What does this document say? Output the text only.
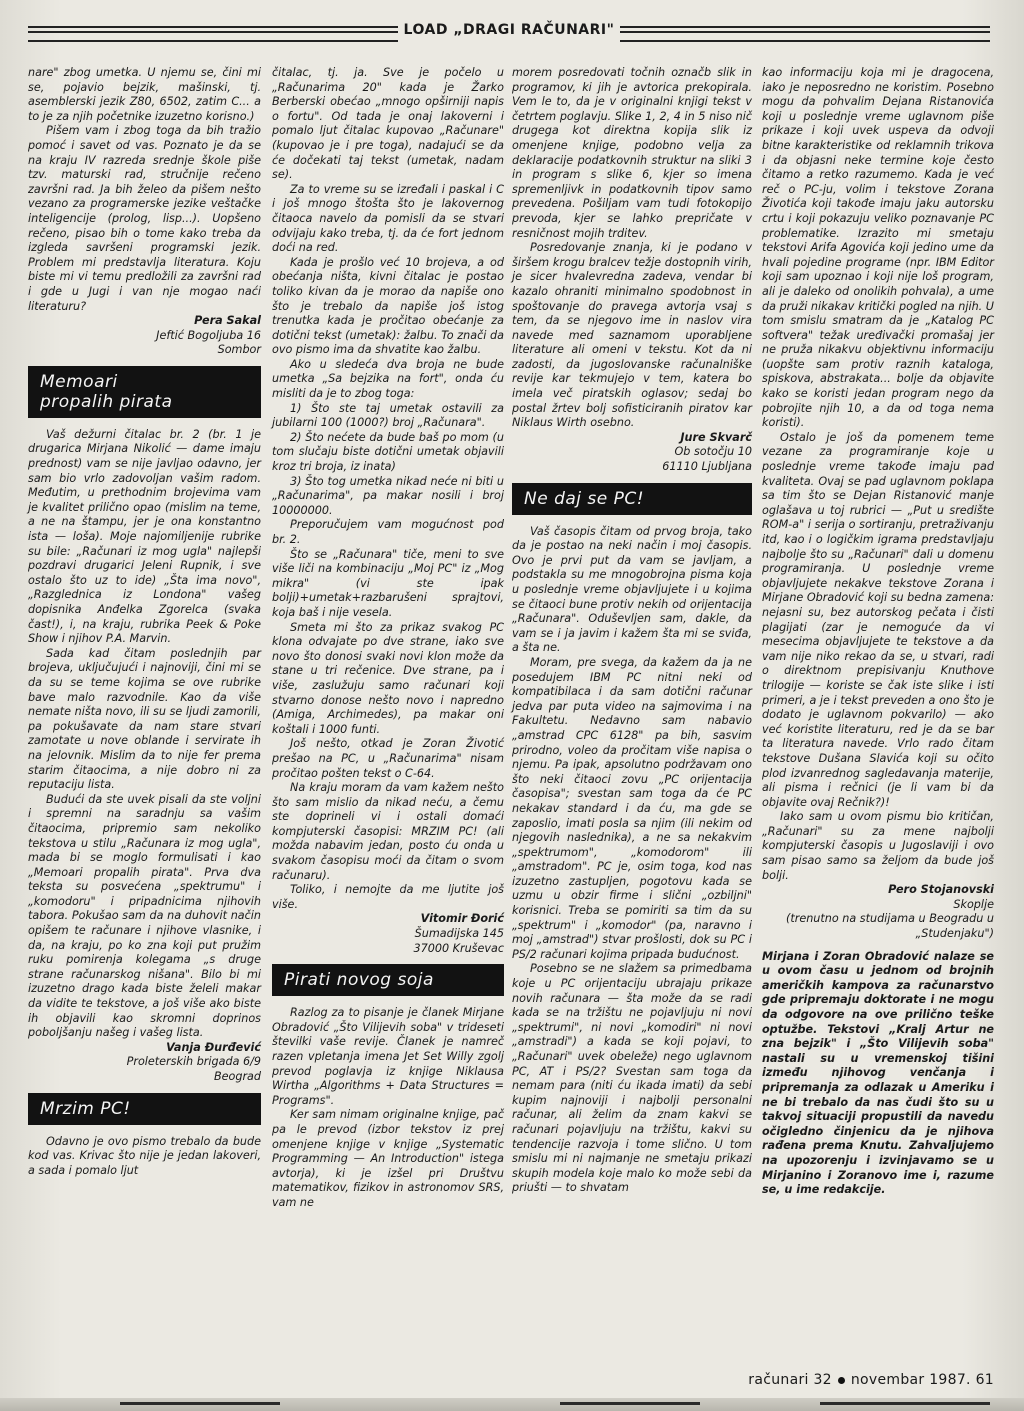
LOAD „DRAGI RAČUNARI"

nare" zbog umetka. U njemu se, čini mi se, pojavio bejzik, mašinski, tj. asemblerski jezik Z80, 6502, zatim C... a to je za njih početnike izuzetno korisno.)

Pišem vam i zbog toga da bih tražio pomoć i savet od vas. Poznato je da se na kraju IV razreda srednje škole piše tzv. maturski rad, stručnije rečeno završni rad. Ja bih želeo da pišem nešto vezano za programerske jezike veštačke inteligencije (prolog, lisp...). Uopšeno rečeno, pisao bih o tome kako treba da izgleda savršeni programski jezik. Problem mi predstavlja literatura. Koju biste mi vi temu predložili za završni rad i gde u Jugi i van nje mogao naći literaturu?

Pera Sakal

Jeftić Bogoljuba 16

Sombor

Memoari
propalih pirata

Vaš dežurni čitalac br. 2 (br. 1 je drugarica Mirjana Nikolić — dame imaju prednost) vam se nije javljao odavno, jer sam bio vrlo zadovoljan vašim radom. Međutim, u prethodnim brojevima vam je kvalitet prilično opao (mislim na teme, a ne na štampu, jer je ona konstantno ista — loša). Moje najomiljenije rubrike su bile: „Računari iz mog ugla" najlepši pozdravi drugarici Jeleni Rupnik, i sve ostalo što uz to ide) „Šta ima novo", „Razglednica iz Londona" vašeg dopisnika Anđelka Zgorelca (svaka čast!), i, na kraju, rubrika Peek & Poke Show i njihov P.A. Marvin.

Sada kad čitam poslednjih par brojeva, uključujući i najnoviji, čini mi se da su se teme kojima se ove rubrike bave malo razvodnile. Kao da više nemate ništa novo, ili su se ljudi zamorili, pa pokušavate da nam stare stvari zamotate u nove oblande i servirate ih na jelovnik. Mislim da to nije fer prema starim čitaocima, a nije dobro ni za reputaciju lista.

Budući da ste uvek pisali da ste voljni i spremni na saradnju sa vašim čitaocima, pripremio sam nekoliko tekstova u stilu „Računara iz mog ugla", mada bi se moglo formulisati i kao „Memoari propalih pirata". Prva dva teksta su posvećena „spektrumu" i „komodoru" i pripadnicima njihovih tabora. Pokušao sam da na duhovit način opišem te računare i njihove vlasnike, i da, na kraju, po ko zna koji put pružim ruku pomirenja kolegama „s druge strane računarskog nišana". Bilo bi mi izuzetno drago kada biste želeli makar da vidite te tekstove, a još više ako biste ih objavili kao skromni doprinos poboljšanju našeg i vašeg lista.

Vanja Đurđević

Proleterskih brigada 6/9

Beograd

Mrzim PC!

Odavno je ovo pismo trebalo da bude kod vas. Krivac što nije je jedan lakoveri, a sada i pomalo ljut

čitalac, tj. ja. Sve je počelo u „Računarima 20" kada je Žarko Berberski obećao „mnogo opširniji napis o fortu". Od tada je onaj lakoverni i pomalo ljut čitalac kupovao „Računare" (kupovao je i pre toga), nadajući se da će dočekati taj tekst (umetak, nadam se).

Za to vreme su se izređali i paskal i C i još mnogo štošta što je lakovernog čitaoca navelo da pomisli da se stvari odvijaju kako treba, tj. da će fort jednom doći na red.

Kada je prošlo već 10 brojeva, a od obećanja ništa, kivni čitalac je postao toliko kivan da je morao da napiše ono što je trebalo da napiše još istog trenutka kada je pročitao obećanje za dotični tekst (umetak): žalbu. To znači da ovo pismo ima da shvatite kao žalbu.

Ako u sledeća dva broja ne bude umetka „Sa bejzika na fort", onda ću misliti da je to zbog toga:

1) Što ste taj umetak ostavili za jubilarni 100 (1000?) broj „Računara".

2) Što nećete da bude baš po mom (u tom slučaju biste dotični umetak objavili kroz tri broja, iz inata)

3) Što tog umetka nikad neće ni biti u „Računarima", pa makar nosili i broj 10000000.

Preporučujem vam mogućnost pod br. 2.

Što se „Računara" tiče, meni to sve više liči na kombinaciju „Moj PC" iz „Mog mikra" (vi ste ipak bolji)+umetak+razbarušeni sprajtovi, koja baš i nije vesela.

Smeta mi što za prikaz svakog PC klona odvajate po dve strane, iako sve novo što donosi svaki novi klon može da stane u tri rečenice. Dve strane, pa i više, zaslužuju samo računari koji stvarno donose nešto novo i napredno (Amiga, Archimedes), pa makar oni koštali i 1000 funti.

Još nešto, otkad je Zoran Životić prešao na PC, u „Računarima" nisam pročitao pošten tekst o C-64.

Na kraju moram da vam kažem nešto što sam mislio da nikad neću, a čemu ste doprineli vi i ostali domaći kompjuterski časopisi: MRZIM PC! (ali možda nabavim jedan, posto ću onda u svakom časopisu moći da čitam o svom računaru).

Toliko, i nemojte da me ljutite još više.

Vitomir Đorić

Šumadijska 145

37000 Kruševac

Pirati novog soja

Razlog za to pisanje je članek Mirjane Obradović „Što Vilijevih soba" v trideseti številki vaše revije. Članek je namreč razen vpletanja imena Jet Set Willy zgolj prevod poglavja iz knjige Niklausa Wirtha „Algorithms + Data Structures = Programs".

Ker sam nimam originalne knjige, pač pa le prevod (izbor tekstov iz prej omenjene knjige v knjige „Systematic Programming — An Introduction" istega avtorja), ki je izšel pri Društvu matematikov, fizikov in astronomov SRS, vam ne

morem posredovati točnih označb slik in programov, ki jih je avtorica prekopirala. Vem le to, da je v originalni knjigi tekst v četrtem poglavju. Slike 1, 2, 4 in 5 niso nič drugega kot direktna kopija slik iz omenjene knjige, podobno velja za deklaracije podatkovnih struktur na sliki 3 in program s slike 6, kjer so imena spremenljivk in podatkovnih tipov samo prevedena. Pošiljam vam tudi fotokopijo prevoda, kjer se lahko prepričate v resničnost mojih trditev.

Posredovanje znanja, ki je podano v širšem krogu bralcev težje dostopnih virih, je sicer hvalevredna zadeva, vendar bi kazalo ohraniti minimalno spodobnost in spoštovanje do pravega avtorja vsaj s tem, da se njegovo ime in naslov vira navede med saznamom uporabljene literature ali omeni v tekstu. Kot da ni zadosti, da jugoslovanske računalniške revije kar tekmujejo v tem, katera bo imela več piratskih oglasov; sedaj bo postal žrtev bolj sofisticiranih piratov kar Niklaus Wirth osebno.

Jure Skvarč

Ob sotočju 10

61110 Ljubljana

Ne daj se PC!

Vaš časopis čitam od prvog broja, tako da je postao na neki način i moj časopis. Ovo je prvi put da vam se javljam, a podstakla su me mnogobrojna pisma koja u poslednje vreme objavljujete i u kojima se čitaoci bune protiv nekih od orijentacija „Računara". Oduševljen sam, dakle, da vam se i ja javim i kažem šta mi se sviđa, a šta ne.

Moram, pre svega, da kažem da ja ne posedujem IBM PC nitni neki od kompatibilaca i da sam dotični računar jedva par puta video na sajmovima i na Fakultetu. Nedavno sam nabavio „amstrad CPC 6128" pa bih, sasvim prirodno, voleo da pročitam više napisa o njemu. Pa ipak, apsolutno podržavam ono što neki čitaoci zovu „PC orijentacija časopisa"; svestan sam toga da će PC nekakav standard i da ću, ma gde se zaposlio, imati posla sa njim (ili nekim od njegovih naslednika), a ne sa nekakvim „spektrumom", „komodorom" ili „amstradom". PC je, osim toga, kod nas izuzetno zastupljen, pogotovu kada se uzmu u obzir firme i slični „ozbiljni" korisnici. Treba se pomiriti sa tim da su „spektrum" i „komodor" (pa, naravno i moj „amstrad") stvar prošlosti, dok su PC i PS/2 računari kojima pripada budućnost.

Posebno se ne slažem sa primedbama koje u PC orijentaciju ubrajaju prikaze novih računara — šta može da se radi kada se na tržištu ne pojavljuju ni novi „spektrumi", ni novi „komodiri" ni novi „amstradi") a kada se koji pojavi, to „Računari" uvek obeleže) nego uglavnom PC, AT i PS/2? Svestan sam toga da nemam para (niti ću ikada imati) da sebi kupim najnoviji i najbolji personalni računar, ali želim da znam kakvi se računari pojavljuju na tržištu, kakvi su tendencije razvoja i tome slično. U tom smislu mi ni najmanje ne smetaju prikazi skupih modela koje malo ko može sebi da priušti — to shvatam

kao informaciju koja mi je dragocena, iako je neposredno ne koristim. Posebno mogu da pohvalim Dejana Ristanovića koji u poslednje vreme uglavnom piše prikaze i koji uvek uspeva da odvoji bitne karakteristike od reklamnih trikova i da objasni neke termine koje često čitamo a retko razumemo. Kada je već reč o PC-ju, volim i tekstove Zorana Životića koji takođe imaju jaku autorsku crtu i koji pokazuju veliko poznavanje PC problematike. Izrazito mi smetaju tekstovi Arifa Agovića koji jedino ume da hvali pojedine programe (npr. IBM Editor koji sam upoznao i koji nije loš program, ali je daleko od onolikih pohvala), a ume da pruži nikakav kritički pogled na njih. U tom smislu smatram da je „Katalog PC softvera" težak uređivački promašaj jer ne pruža nikakvu objektivnu informaciju (uopšte sam protiv raznih kataloga, spiskova, abstrakata... bolje da objavite kako se koristi jedan program nego da pobrojite njih 10, a da od toga nema koristi).

Ostalo je još da pomenem teme vezane za programiranje koje u poslednje vreme takođe imaju pad kvaliteta. Ovaj se pad uglavnom poklapa sa tim što se Dejan Ristanović manje oglašava u toj rubrici — „Put u središte ROM-a" i serija o sortiranju, pretraživanju itd, kao i o logičkim igrama predstavljaju najbolje što su „Računari" dali u domenu programiranja. U poslednje vreme objavljujete nekakve tekstove Zorana i Mirjane Obradović koji su bedna zamena: nejasni su, bez autorskog pečata i čisti plagijati (zar je nemoguće da vi mesecima objavljujete te tekstove a da vam nije niko rekao da se, u stvari, radi o direktnom prepisivanju Knuthove trilogije — koriste se čak iste slike i isti primeri, a je i tekst preveden a ono što je dodato je uglavnom pokvarilo) — ako već koristite literaturu, red je da se bar ta literatura navede. Vrlo rado čitam tekstove Dušana Slavića koji su očito plod izvanrednog sagledavanja materije, ali pisma i rečnici (je li vam bi da objavite ovaj Rečnik?)!

Iako sam u ovom pismu bio kritičan, „Računari" su za mene najbolji kompjuterski časopis u Jugoslaviji i ovo sam pisao samo sa željom da bude još bolji.

Pero Stojanovski

Skoplje

(trenutno na studijama u Beogradu u „Studenjaku")

Mirjana i Zoran Obradović nalaze se u ovom času u jednom od brojnih američkih kampova za računarstvo gde pripremaju doktorate i ne mogu da odgovore na ove prilično teške optužbe. Tekstovi „Kralj Artur ne zna bejzik" i „Što Vilijevih soba" nastali su u vremenskoj tišini između njihovog venčanja i pripremanja za odlazak u Ameriku i ne bi trebalo da nas čudi što su u takvoj situaciji propustili da navedu očigledno činjenicu da je njihova rađena prema Knutu. Zahvaljujemo na upozorenju i izvinjavamo se u Mirjanino i Zoranovo ime i, razume se, u ime redakcije.

računari 32 novembar 1987. 61
